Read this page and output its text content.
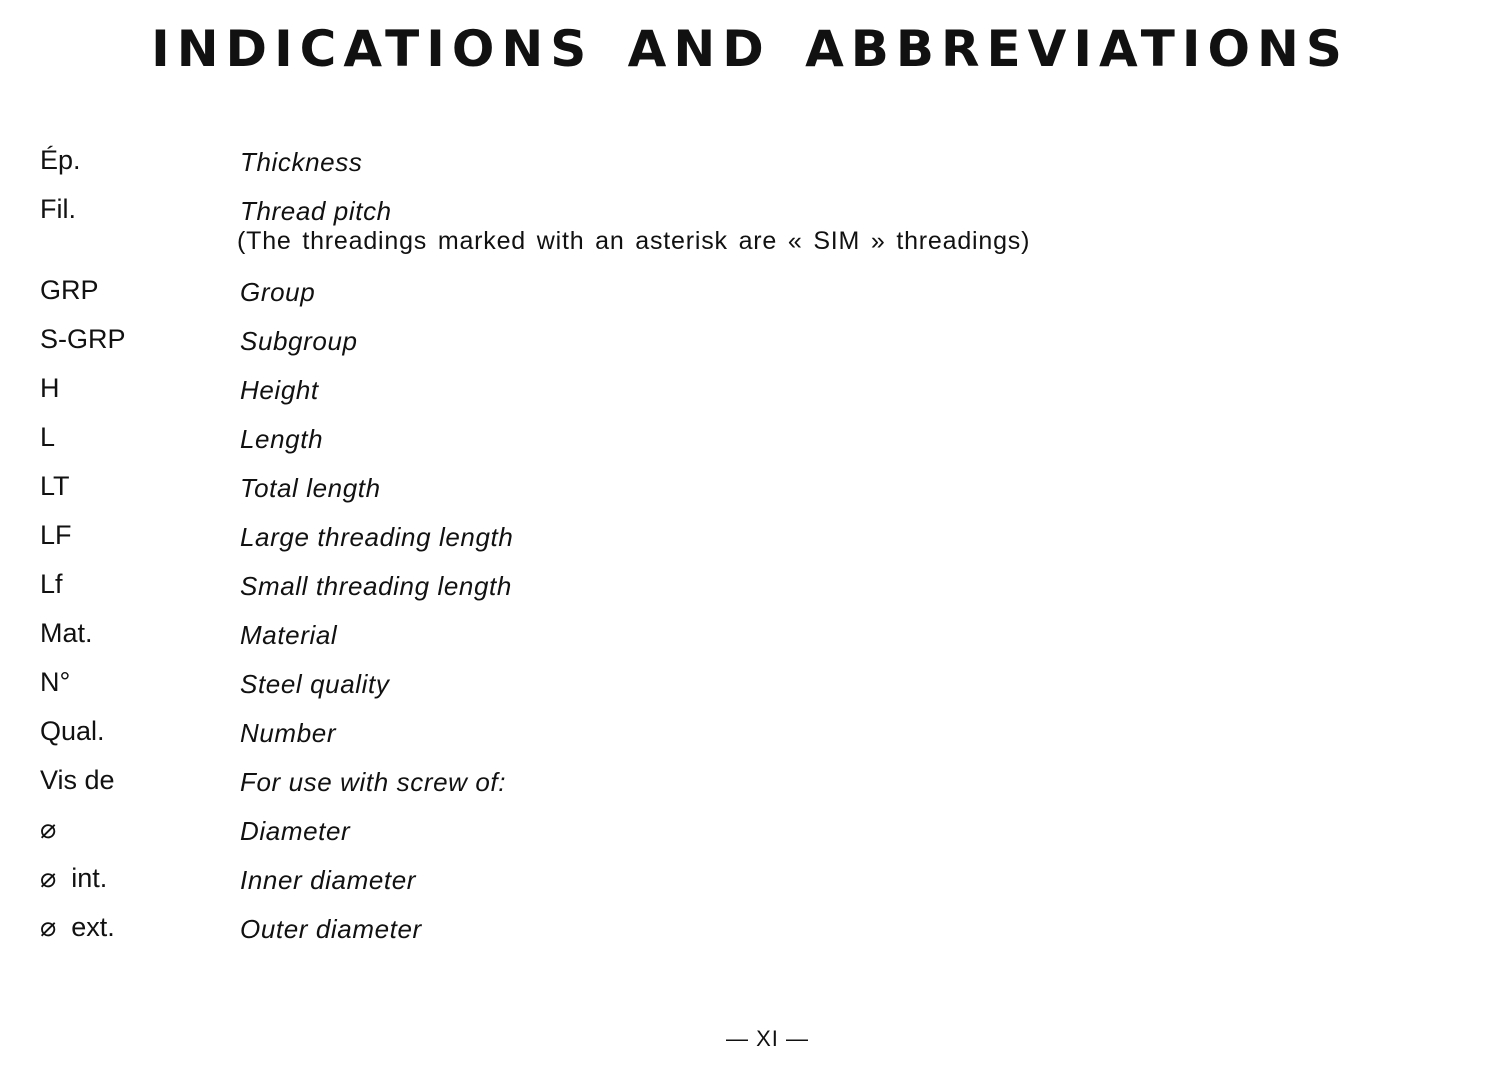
INDICATIONS AND ABBREVIATIONS
Ép.	Thickness
Fil.	Thread pitch
(The threadings marked with an asterisk are « SIM » threadings)
GRP	Group
S-GRP	Subgroup
H	Height
L	Length
LT	Total length
LF	Large threading length
Lf	Small threading length
Mat.	Material
N°	Steel quality
Qual.	Number
Vis de	For use with screw of:
⌀	Diameter
⌀  int.	Inner diameter
⌀  ext.	Outer diameter
— XI —
